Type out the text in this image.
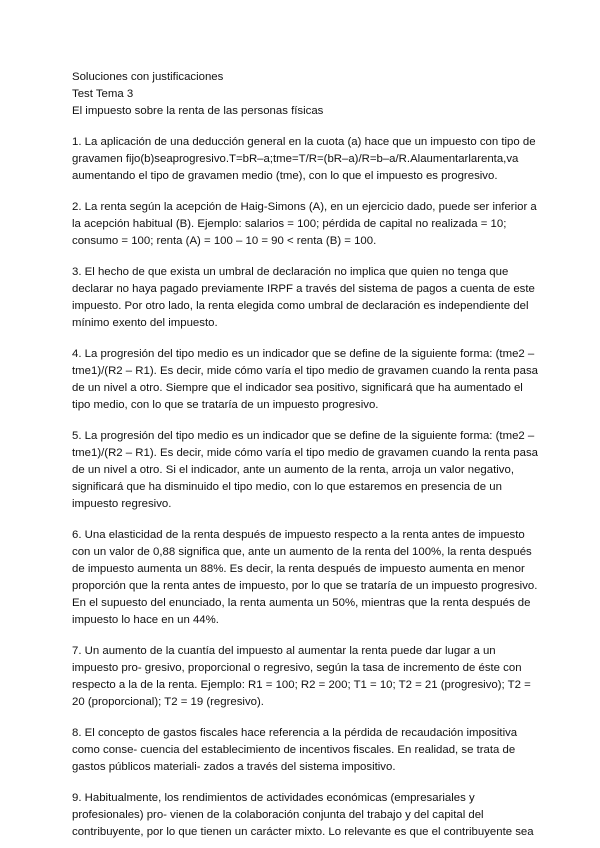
Soluciones con justificaciones
Test Tema 3
El impuesto sobre la renta de las personas físicas
1. La aplicación de una deducción general en la cuota (a) hace que un impuesto con tipo de
gravamen fijo(b)seaprogresivo.T=bR–a;tme=T/R=(bR–a)/R=b–a/R.Alaumentarlarenta,va
aumentando el tipo de gravamen medio (tme), con lo que el impuesto es progresivo.
2. La renta según la acepción de Haig-Simons (A), en un ejercicio dado, puede ser inferior a
la acepción habitual (B). Ejemplo: salarios = 100; pérdida de capital no realizada = 10;
consumo = 100; renta (A) = 100 – 10 = 90 < renta (B) = 100.
3. El hecho de que exista un umbral de declaración no implica que quien no tenga que
declarar no haya pagado previamente IRPF a través del sistema de pagos a cuenta de este
impuesto. Por otro lado, la renta elegida como umbral de declaración es independiente del
mínimo exento del impuesto.
4. La progresión del tipo medio es un indicador que se define de la siguiente forma: (tme2 –
tme1)/(R2 – R1). Es decir, mide cómo varía el tipo medio de gravamen cuando la renta pasa
de un nivel a otro. Siempre que el indicador sea positivo, significará que ha aumentado el
tipo medio, con lo que se trataría de un impuesto progresivo.
5. La progresión del tipo medio es un indicador que se define de la siguiente forma: (tme2 –
tme1)/(R2 – R1). Es decir, mide cómo varía el tipo medio de gravamen cuando la renta pasa
de un nivel a otro. Si el indicador, ante un aumento de la renta, arroja un valor negativo,
significará que ha disminuido el tipo medio, con lo que estaremos en presencia de un
impuesto regresivo.
6. Una elasticidad de la renta después de impuesto respecto a la renta antes de impuesto
con un valor de 0,88 significa que, ante un aumento de la renta del 100%, la renta después
de impuesto aumenta un 88%. Es decir, la renta después de impuesto aumenta en menor
proporción que la renta antes de impuesto, por lo que se trataría de un impuesto progresivo.
En el supuesto del enunciado, la renta aumenta un 50%, mientras que la renta después de
impuesto lo hace en un 44%.
7. Un aumento de la cuantía del impuesto al aumentar la renta puede dar lugar a un
impuesto pro- gresivo, proporcional o regresivo, según la tasa de incremento de éste con
respecto a la de la renta. Ejemplo: R1 = 100; R2 = 200; T1 = 10; T2 = 21 (progresivo); T2 =
20 (proporcional); T2 = 19 (regresivo).
8. El concepto de gastos fiscales hace referencia a la pérdida de recaudación impositiva
como conse- cuencia del establecimiento de incentivos fiscales. En realidad, se trata de
gastos públicos materiali- zados a través del sistema impositivo.
9. Habitualmente, los rendimientos de actividades económicas (empresariales y
profesionales) pro- vienen de la colaboración conjunta del trabajo y del capital del
contribuyente, por lo que tienen un carácter mixto. Lo relevante es que el contribuyente sea
